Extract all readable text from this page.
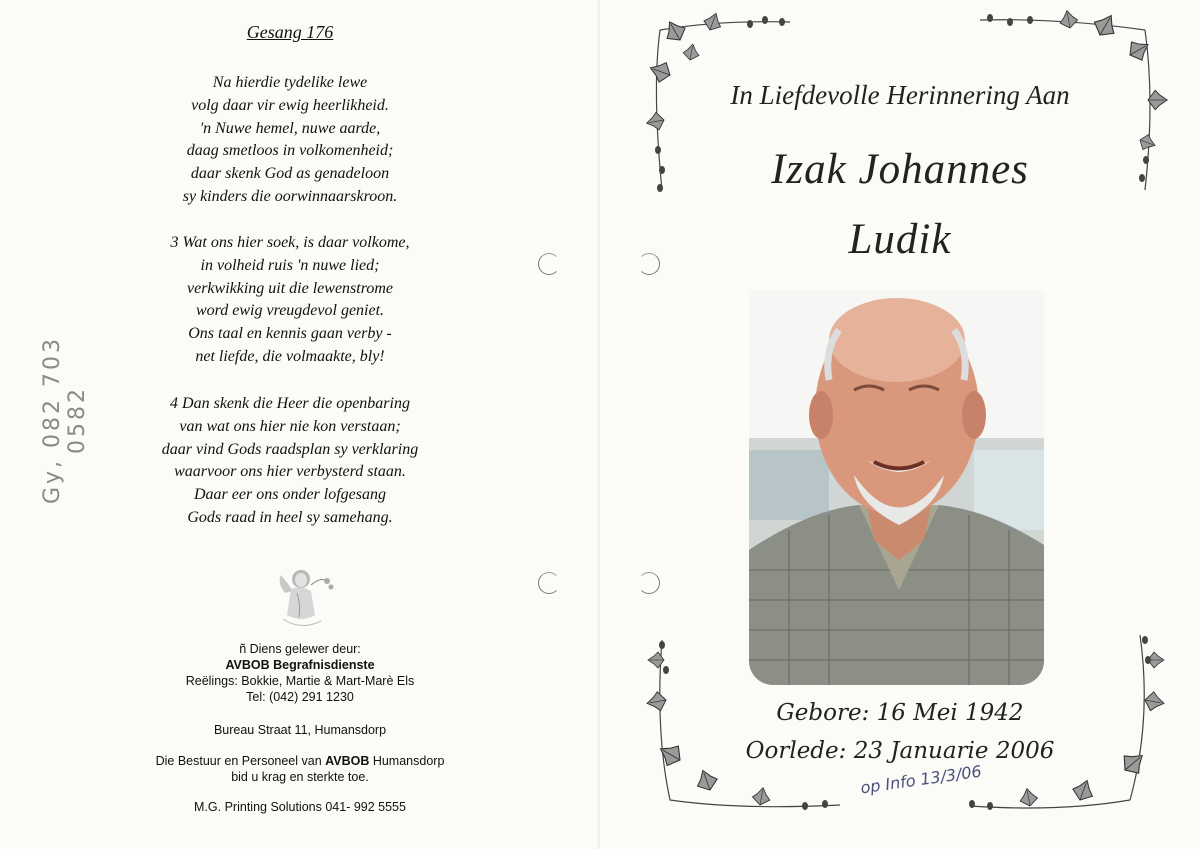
Gesang 176
Na hierdie tydelike lewe
volg daar vir ewig heerlikheid.
'n Nuwe hemel, nuwe aarde,
daag smetloos in volkomenheid;
daar skenk God as genadeloon
sy kinders die oorwinnaarskroon.
3 Wat ons hier soek, is daar volkome,
in volheid ruis 'n nuwe lied;
verkwikking uit die lewenstrome
word ewig vreugdevol geniet.
Ons taal en kennis gaan verby -
net liefde, die volmaakte, bly!
4 Dan skenk die Heer die openbaring
van wat ons hier nie kon verstaan;
daar vind Gods raadsplan sy verklaring
waarvoor ons hier verbysterd staan.
Daar eer ons onder lofgesang
Gods raad in heel sy samehang.
Gy, 082 703 0582
ñ Diens gelewer deur:
AVBOB Begrafnisdienste
Reëlings: Bokkie, Martie & Mart-Marè Els
Tel: (042) 291 1230
Bureau Straat 11, Humansdorp
Die Bestuur en Personeel van AVBOB Humansdorp
bid u krag en sterkte toe.
M.G. Printing Solutions 041- 992 5555
In Liefdevolle Herinnering Aan
Izak Johannes
Ludik
Gebore: 16 Mei 1942
Oorlede: 23 Januarie 2006
op Info 13/3/06
